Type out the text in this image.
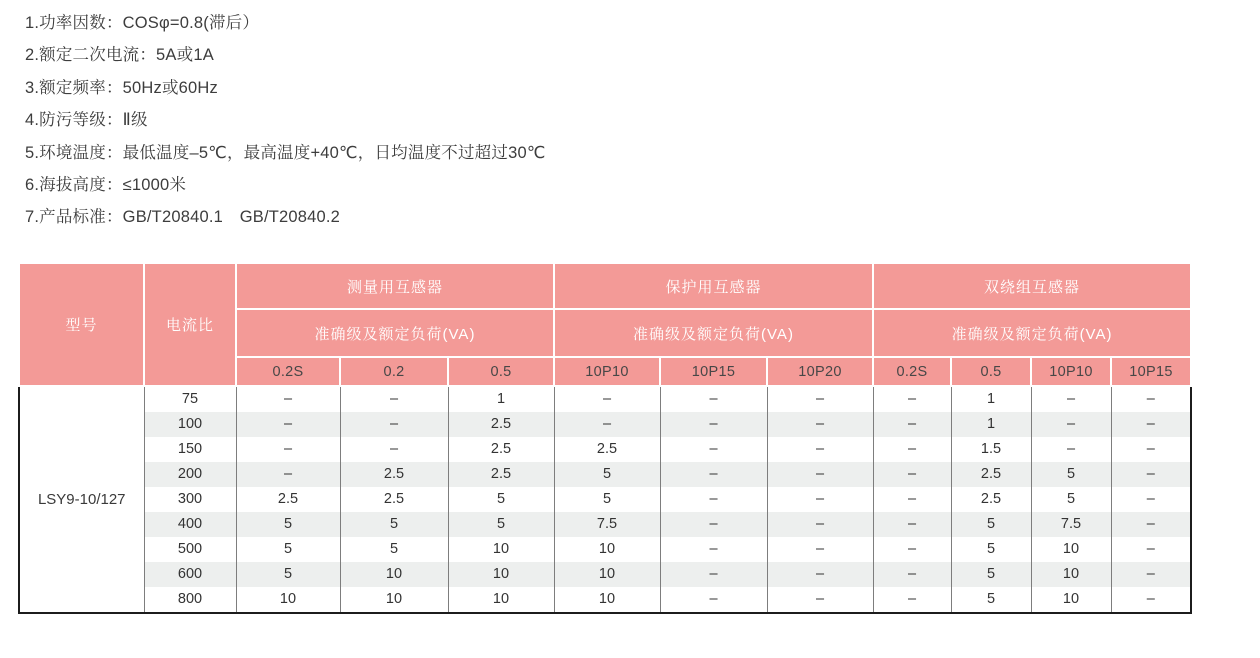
1.功率因数：COSφ=0.8(滞后）
2.额定二次电流：5A或1A
3.额定频率：50Hz或60Hz
4.防污等级：Ⅱ级
5.环境温度：最低温度–5℃，最高温度+40℃，日均温度不过超过30℃
6.海拔高度：≤1000米
7.产品标准：GB/T20840.1　GB/T20840.2
型号	电流比	测量用互感器			保护用互感器			双绕组互感器			
		准确级及额定负荷(VA)			准确级及额定负荷(VA)			准确级及额定负荷(VA)			
		0.2S	0.2	0.5	10P10	10P15	10P20	0.2S	0.5	10P10	10P15
LSY9-10/127	75	–	–	1	–	–	–	–	1	–	–
	100	–	–	2.5	–	–	–	–	1	–	–
	150	–	–	2.5	2.5	–	–	–	1.5	–	–
	200	–	2.5	2.5	5	–	–	–	2.5	5	–
	300	2.5	2.5	5	5	–	–	–	2.5	5	–
	400	5	5	5	7.5	–	–	–	5	7.5	–
	500	5	5	10	10	–	–	–	5	10	–
	600	5	10	10	10	–	–	–	5	10	–
	800	10	10	10	10	–	–	–	5	10	–
